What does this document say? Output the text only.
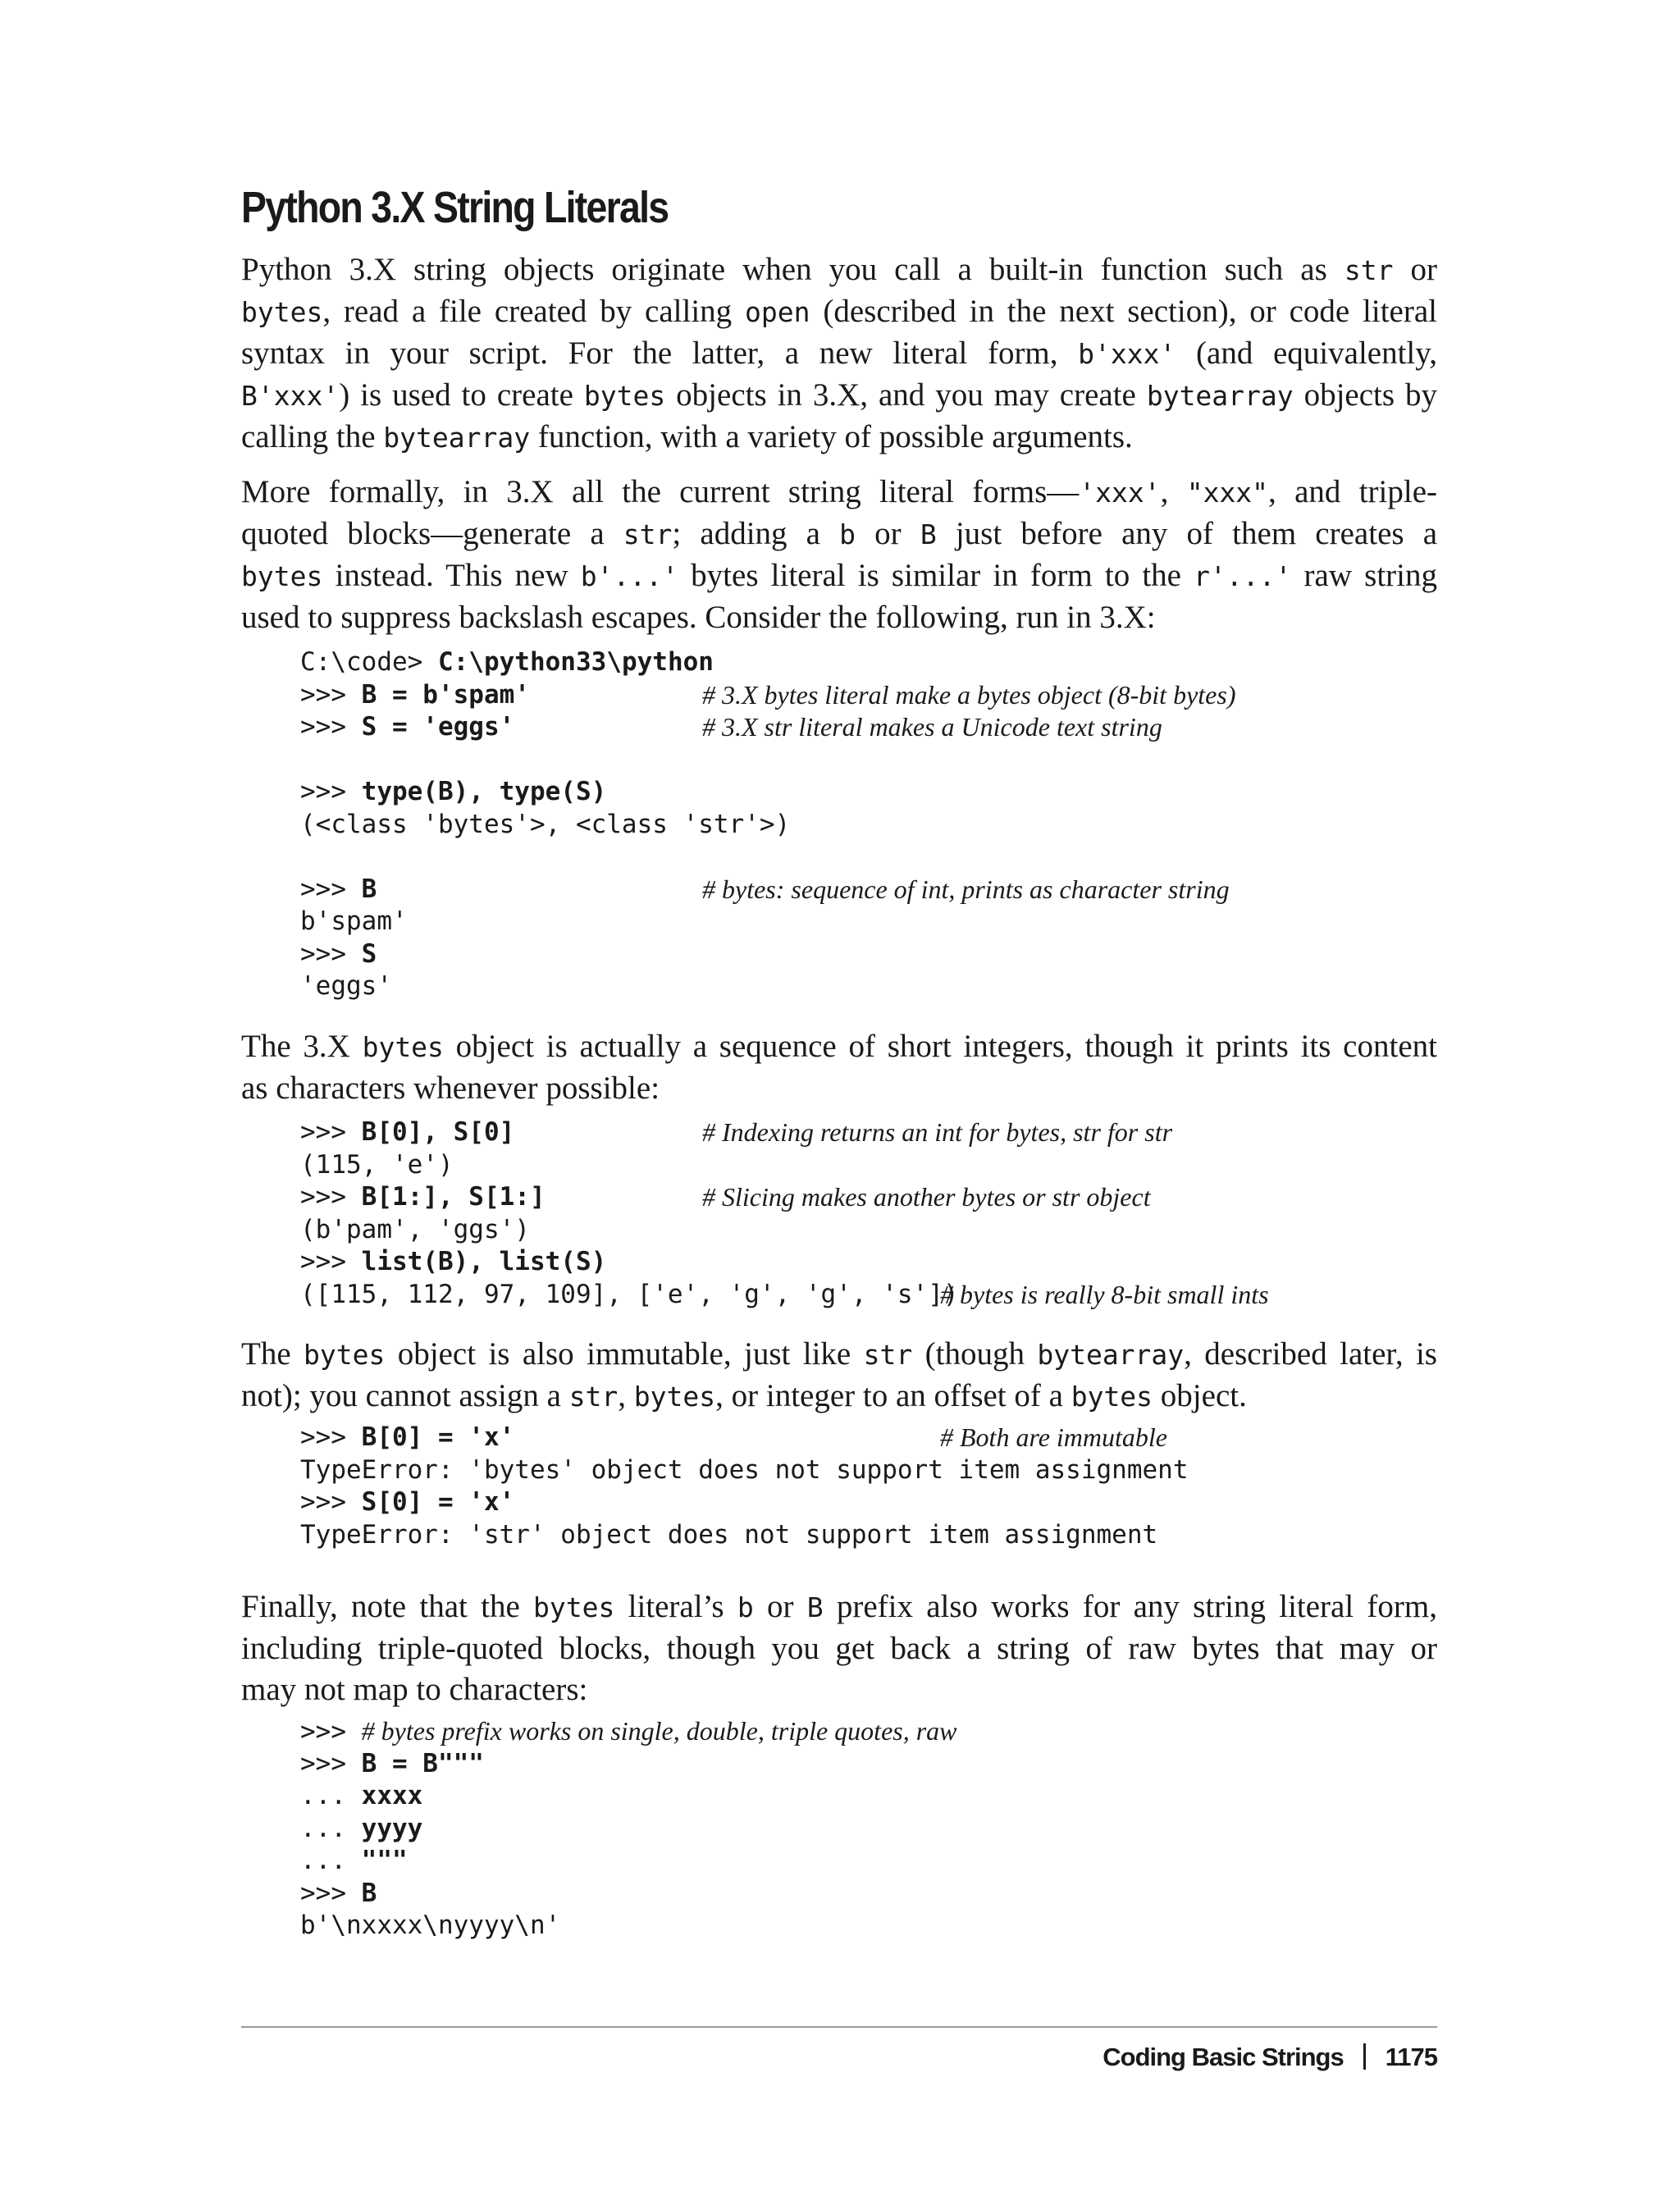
Python 3.X String Literals

Python 3.X string objects originate when you call a built-in function such as str or
bytes, read a file created by calling open (described in the next section), or code literal
syntax in your script. For the latter, a new literal form, b'xxx' (and equivalently,
B'xxx') is used to create bytes objects in 3.X, and you may create bytearray objects by
calling the bytearray function, with a variety of possible arguments.

More formally, in 3.X all the current string literal forms—'xxx', "xxx", and triple-
quoted blocks—generate a str; adding a b or B just before any of them creates a
bytes instead. This new b'...' bytes literal is similar in form to the r'...' raw string
used to suppress backslash escapes. Consider the following, run in 3.X:

C:\code> C:\python33\python
>>> B = b'spam'	# 3.X bytes literal make a bytes object (8-bit bytes)
>>> S = 'eggs'	# 3.X str literal makes a Unicode text string

>>> type(B), type(S)
(<class 'bytes'>, <class 'str'>)

>>> B	# bytes: sequence of int, prints as character string
b'spam'
>>> S
'eggs'

The 3.X bytes object is actually a sequence of short integers, though it prints its content
as characters whenever possible:

>>> B[0], S[0]	# Indexing returns an int for bytes, str for str
(115, 'e')
>>> B[1:], S[1:]	# Slicing makes another bytes or str object
(b'pam', 'ggs')
>>> list(B), list(S)
([115, 112, 97, 109], ['e', 'g', 'g', 's'])
# bytes is really 8-bit small ints

The bytes object is also immutable, just like str (though bytearray, described later, is
not); you cannot assign a str, bytes, or integer to an offset of a bytes object.

>>> B[0] = 'x'	# Both are immutable
TypeError: 'bytes' object does not support item assignment
>>> S[0] = 'x'
TypeError: 'str' object does not support item assignment

Finally, note that the bytes literal’s b or B prefix also works for any string literal form,
including triple-quoted blocks, though you get back a string of raw bytes that may or
may not map to characters:

>>> # bytes prefix works on single, double, triple quotes, raw
>>> B = B"""
... xxxx
... yyyy
... """
>>> B
b'\nxxxx\nyyyy\n'
Coding Basic Strings 1175
